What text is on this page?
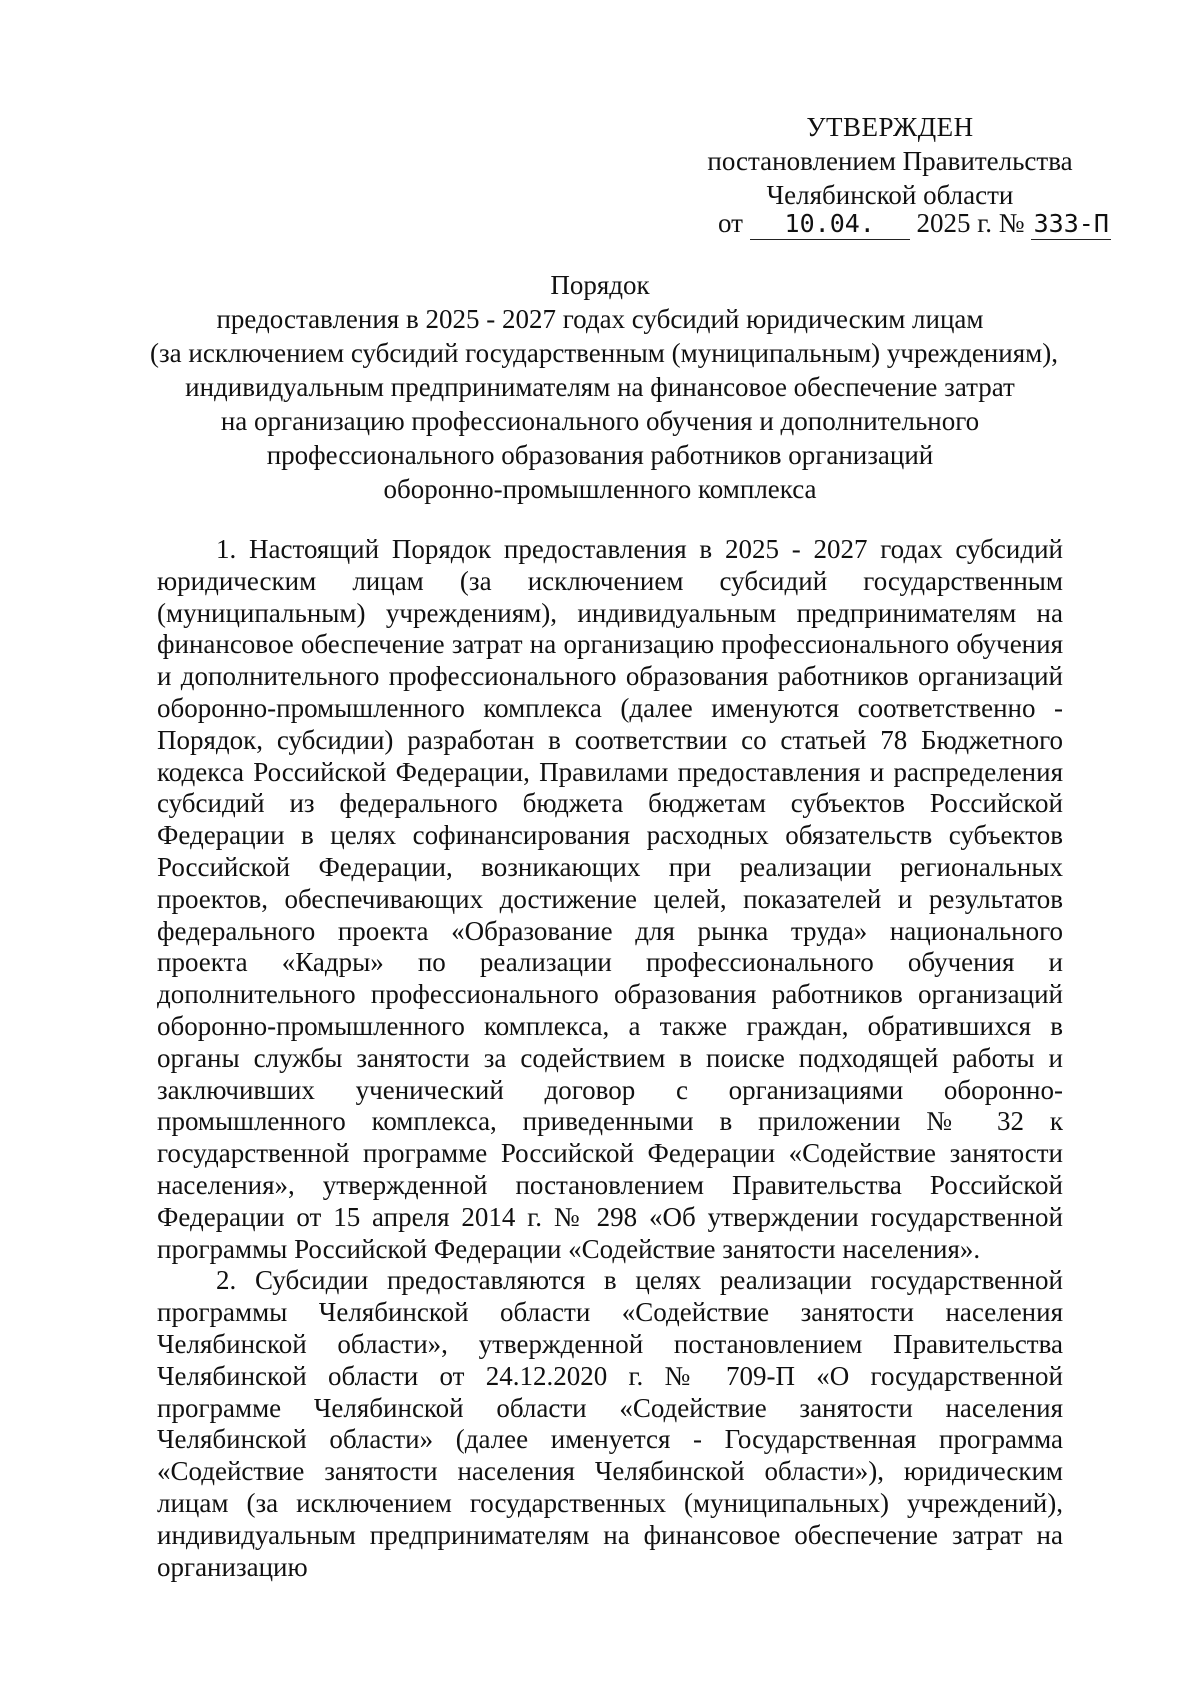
УТВЕРЖДЕН
постановлением Правительства
Челябинской области
от 10.04. 2025 г. № 333-П
Порядок
предоставления в 2025 - 2027 годах субсидий юридическим лицам
(за исключением субсидий государственным (муниципальным) учреждениям),
индивидуальным предпринимателям на финансовое обеспечение затрат
на организацию профессионального обучения и дополнительного
профессионального образования работников организаций
оборонно-промышленного комплекса

1. Настоящий Порядок предоставления в 2025 - 2027 годах субсидий юридическим лицам (за исключением субсидий государственным (муниципальным) учреждениям), индивидуальным предпринимателям на финансовое обеспечение затрат на организацию профессионального обучения и дополнительного профессионального образования работников организаций оборонно-промышленного комплекса (далее именуются соответственно - Порядок, субсидии) разработан в соответствии со статьей 78 Бюджетного кодекса Российской Федерации, Правилами предоставления и распределения субсидий из федерального бюджета бюджетам субъектов Российской Федерации в целях софинансирования расходных обязательств субъектов Российской Федерации, возникающих при реализации региональных проектов, обеспечивающих достижение целей, показателей и результатов федерального проекта «Образование для рынка труда» национального проекта «Кадры» по реализации профессионального обучения и дополнительного профессионального образования работников организаций оборонно-промышленного комплекса, а также граждан, обратившихся в органы службы занятости за содействием в поиске подходящей работы и заключивших ученический договор с организациями оборонно-промышленного комплекса, приведенными в приложении № 32 к государственной программе Российской Федерации «Содействие занятости населения», утвержденной постановлением Правительства Российской Федерации от 15 апреля 2014 г. № 298 «Об утверждении государственной программы Российской Федерации «Содействие занятости населения».

2. Субсидии предоставляются в целях реализации государственной программы Челябинской области «Содействие занятости населения Челябинской области», утвержденной постановлением Правительства Челябинской области от 24.12.2020 г. № 709-П «О государственной программе Челябинской области «Содействие занятости населения Челябинской области» (далее именуется - Государственная программа «Содействие занятости населения Челябинской области»), юридическим лицам (за исключением государственных (муниципальных) учреждений), индивидуальным предпринимателям на финансовое обеспечение затрат на организацию
